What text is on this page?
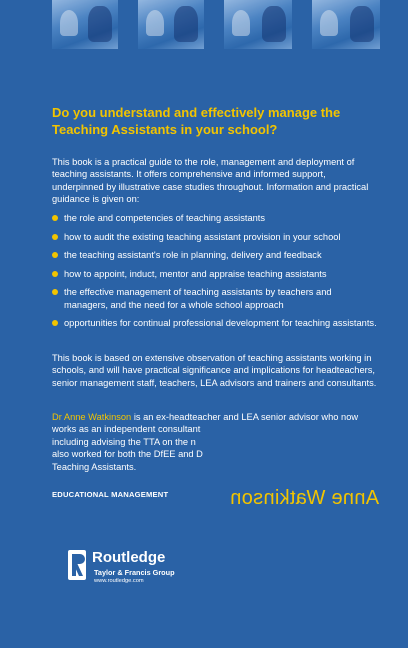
Do you understand and effectively manage the Teaching Assistants in your school?

This book is a practical guide to the role, management and deployment of teaching assistants. It offers comprehensive and informed support, underpinned by illustrative case studies throughout. Information and practical guidance is given on:

the role and competencies of teaching assistants
how to audit the existing teaching assistant provision in your school
the teaching assistant's role in planning, delivery and feedback
how to appoint, induct, mentor and appraise teaching assistants
the effective management of teaching assistants by teachers and managers, and the need for a whole school approach
opportunities for continual professional development for teaching assistants.

This book is based on extensive observation of teaching assistants working in schools, and will have practical significance and implications for headteachers, senior management staff, teachers, LEA advisors and trainers and consultants.

Dr Anne Watkinson is an ex-headteacher and LEA senior advisor who now
works as an independent consultant
including advising the TTA on the n
also worked for both the DfEE and D
Teaching Assistants.

EDUCATIONAL MANAGEMENT	Anne Watkinson

Routledge

Taylor & Francis Group

www.routledge.com
